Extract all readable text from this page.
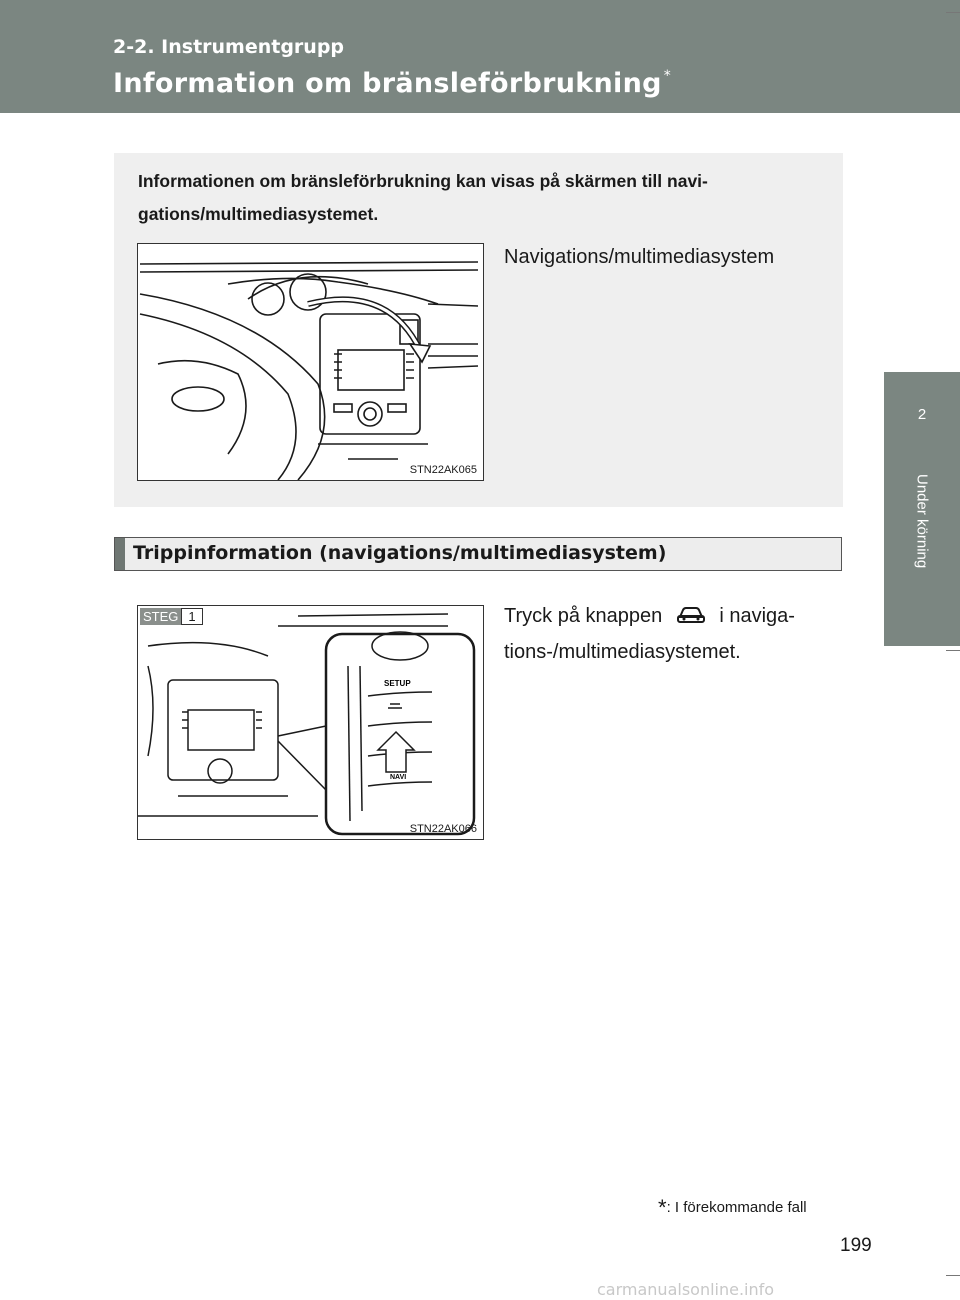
2-2. Instrumentgrupp
Information om bränsleförbrukning *
2
Under körning
Informationen om bränsleförbrukning kan visas på skärmen till navi-gations/multimediasystemet.
Navigations/multimediasystem
STN22AK065
Trippinformation (navigations/multimediasystem)
SETUP
NAVI
STEG 1
STN22AK066
Tryck på knappen	i naviga-tions-/multimediasystemet.
*: I förekommande fall
199
carmanualsonline.info
